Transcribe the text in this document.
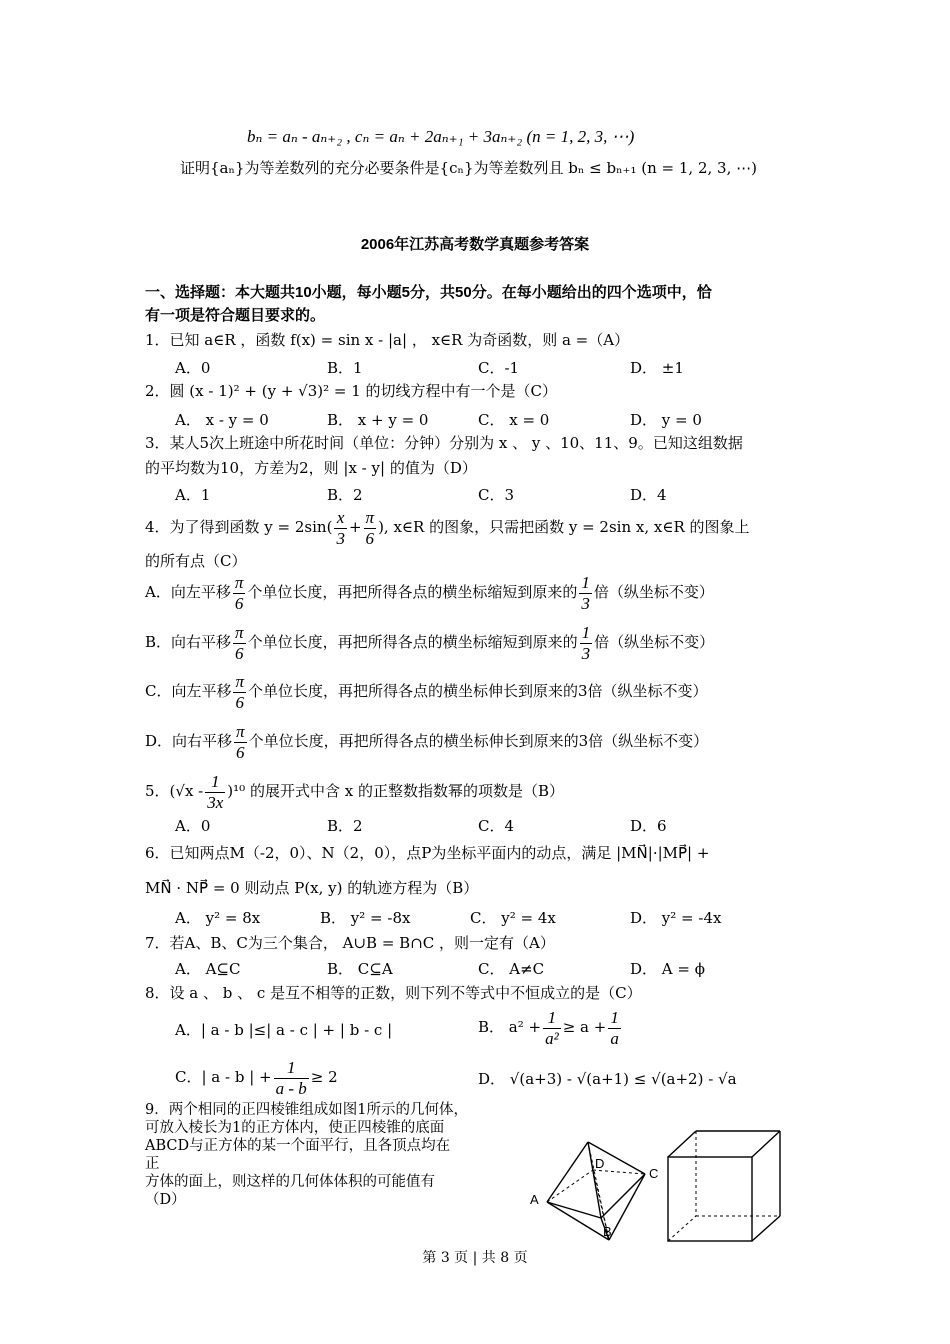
bₙ = aₙ - aₙ₊₂ , cₙ = aₙ + 2aₙ₊₁ + 3aₙ₊₂ (n = 1, 2, 3, ⋯)
证明{aₙ}为等差数列的充分必要条件是{cₙ}为等差数列且 bₙ ≤ bₙ₊₁ (n = 1, 2, 3, ⋯)
2006年江苏高考数学真题参考答案
一、选择题：本大题共10小题，每小题5分，共50分。在每小题给出的四个选项中，恰
有一项是符合题目要求的。
1．已知 a∈R ，函数 f(x) = sin x - |a| ， x∈R 为奇函数，则 a =（A）
A．0	B．1	C．-1	D． ±1
2．圆 (x - 1)² + (y + √3)² = 1 的切线方程中有一个是（C）
A． x - y = 0	B． x + y = 0	C． x = 0	D． y = 0
3．某人5次上班途中所花时间（单位：分钟）分别为 x 、 y 、10、11、9。已知这组数据
的平均数为10，方差为2，则 |x - y| 的值为（D）
A．1	B．2	C．3	D．4
4．为了得到函数 $y = 2\sin( \frac{x}{3} + \frac{\pi}{6}$ ), x∈R 的图象，只需把函数 y = 2sin x, x∈R 的图象上
的所有点（C）
A．向左平移 $\frac{\pi}{6}$ 个单位长度，再把所得各点的横坐标缩短到原来的 $\frac{1}{3}$ 倍（纵坐标不变）
B．向右平移 $\frac{\pi}{6}$ 个单位长度，再把所得各点的横坐标缩短到原来的 $\frac{1}{3}$ 倍（纵坐标不变）
C．向左平移 $\frac{\pi}{6}$ 个单位长度，再把所得各点的横坐标伸长到原来的3倍（纵坐标不变）
D．向右平移 $\frac{\pi}{6}$ 个单位长度，再把所得各点的横坐标伸长到原来的3倍（纵坐标不变）
5．$(√x - \frac{1}{3x} )^{10}$ 的展开式中含 x 的正整数指数幂的项数是（B）
A．0	B．2	C．4	D．6
6．已知两点M（-2，0）、N（2，0），点P为坐标平面内的动点，满足 |MN⃗|·|MP⃗| +
MN⃗ · NP⃗ = 0 则动点 P(x, y) 的轨迹方程为（B）
A． y² = 8x	B． y² = -8x	C． y² = 4x	D． y² = -4x
7．若A、B、C为三个集合， A∪B = B∩C ，则一定有（A）
A． A⊆C	B． C⊆A	C． A≠C	D． A = ϕ
8．设 a 、 b 、 c 是互不相等的正数，则下列不等式中不恒成立的是（C）
A．| a - b |≤| a - c | + | b - c |	B． $a^2 + \frac{1}{\text{a²}} \ge a + \frac{1}{a}$
C．| a - b | + $\frac{1}{a - b} \ge 2$	D． √(a+3) - √(a+1) ≤ √(a+2) - √a
9．两个相同的正四棱锥组成如图1所示的几何体，
可放入棱长为1的正方体内，使正四棱锥的底面
ABCD与正方体的某一个面平行，且各顶点均在
正
方体的面上，则这样的几何体体积的可能值有
（D）	A
B
C
D
第 3 页 | 共 8 页
